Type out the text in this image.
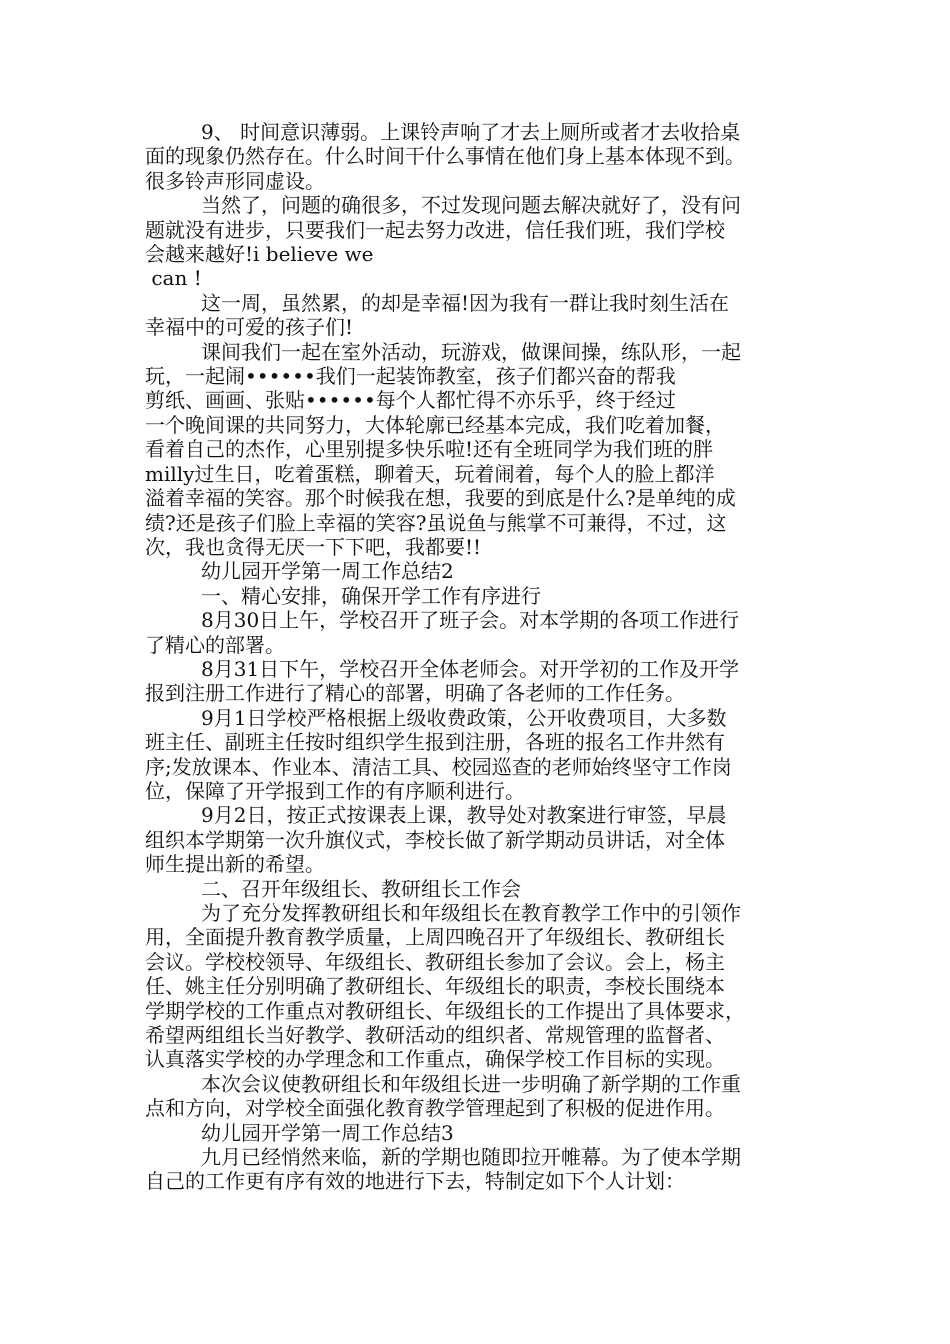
9、 时间意识薄弱。上课铃声响了才去上厕所或者才去收拾桌
面的现象仍然存在。什么时间干什么事情在他们身上基本体现不到。
很多铃声形同虚设。
当然了，问题的确很多，不过发现问题去解决就好了，没有问
题就没有进步，只要我们一起去努力改进，信任我们班，我们学校
会越来越好!i believe we
can !
这一周，虽然累，的却是幸福!因为我有一群让我时刻生活在
幸福中的可爱的孩子们!
课间我们一起在室外活动，玩游戏，做课间操，练队形，一起
玩，一起闹••••••我们一起装饰教室，孩子们都兴奋的帮我
剪纸、画画、张贴••••••每个人都忙得不亦乐乎，终于经过
一个晚间课的共同努力，大体轮廓已经基本完成，我们吃着加餐，
看着自己的杰作，心里别提多快乐啦!还有全班同学为我们班的胖
milly过生日，吃着蛋糕，聊着天，玩着闹着，每个人的脸上都洋
溢着幸福的笑容。那个时候我在想，我要的到底是什么?是单纯的成
绩?还是孩子们脸上幸福的笑容?虽说鱼与熊掌不可兼得，不过，这
次，我也贪得无厌一下下吧，我都要!!
幼儿园开学第一周工作总结2
一、精心安排，确保开学工作有序进行
8月30日上午，学校召开了班子会。对本学期的各项工作进行
了精心的部署。
8月31日下午，学校召开全体老师会。对开学初的工作及开学
报到注册工作进行了精心的部署，明确了各老师的工作任务。
9月1日学校严格根据上级收费政策，公开收费项目，大多数
班主任、副班主任按时组织学生报到注册，各班的报名工作井然有
序;发放课本、作业本、清洁工具、校园巡查的老师始终坚守工作岗
位，保障了开学报到工作的有序顺利进行。
9月2日，按正式按课表上课，教导处对教案进行审签，早晨
组织本学期第一次升旗仪式，李校长做了新学期动员讲话，对全体
师生提出新的希望。
二、召开年级组长、教研组长工作会
为了充分发挥教研组长和年级组长在教育教学工作中的引领作
用，全面提升教育教学质量，上周四晚召开了年级组长、教研组长
会议。学校校领导、年级组长、教研组长参加了会议。会上，杨主
任、姚主任分别明确了教研组长、年级组长的职责，李校长围绕本
学期学校的工作重点对教研组长、年级组长的工作提出了具体要求，
希望两组组长当好教学、教研活动的组织者、常规管理的监督者、
认真落实学校的办学理念和工作重点，确保学校工作目标的实现。
本次会议使教研组长和年级组长进一步明确了新学期的工作重
点和方向，对学校全面强化教育教学管理起到了积极的促进作用。
幼儿园开学第一周工作总结3
九月已经悄然来临，新的学期也随即拉开帷幕。为了使本学期
自己的工作更有序有效的地进行下去，特制定如下个人计划：
